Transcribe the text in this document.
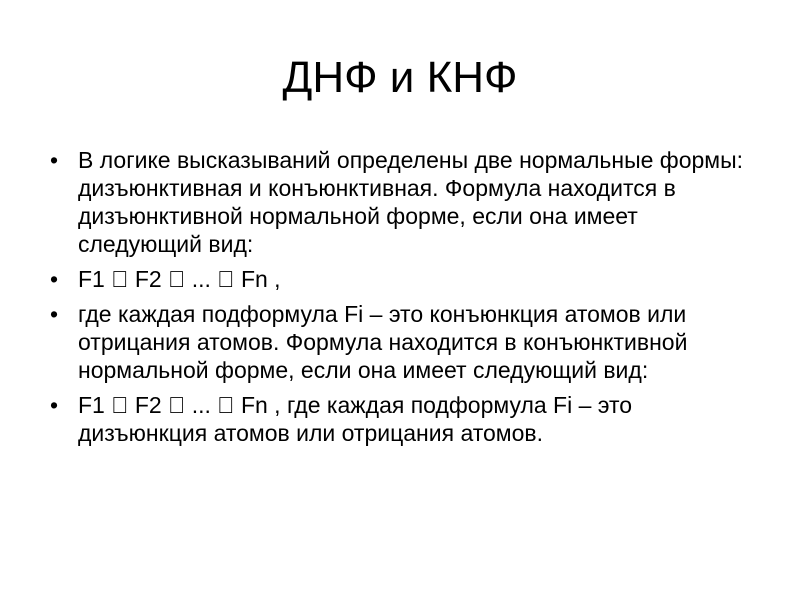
ДНФ и КНФ
• В логике высказываний определены две нормальные формы: дизъюнктивная и конъюнктивная. Формула находится в дизъюнктивной нормальной форме, если она имеет следующий вид:
• F1 F2 ... Fn ,
• где каждая подформула Fi – это конъюнкция атомов или отрицания атомов. Формула находится в конъюнктивной нормальной форме, если она имеет следующий вид:
• F1 F2 ... Fn , где каждая подформула Fi – это дизъюнкция атомов или отрицания атомов.
